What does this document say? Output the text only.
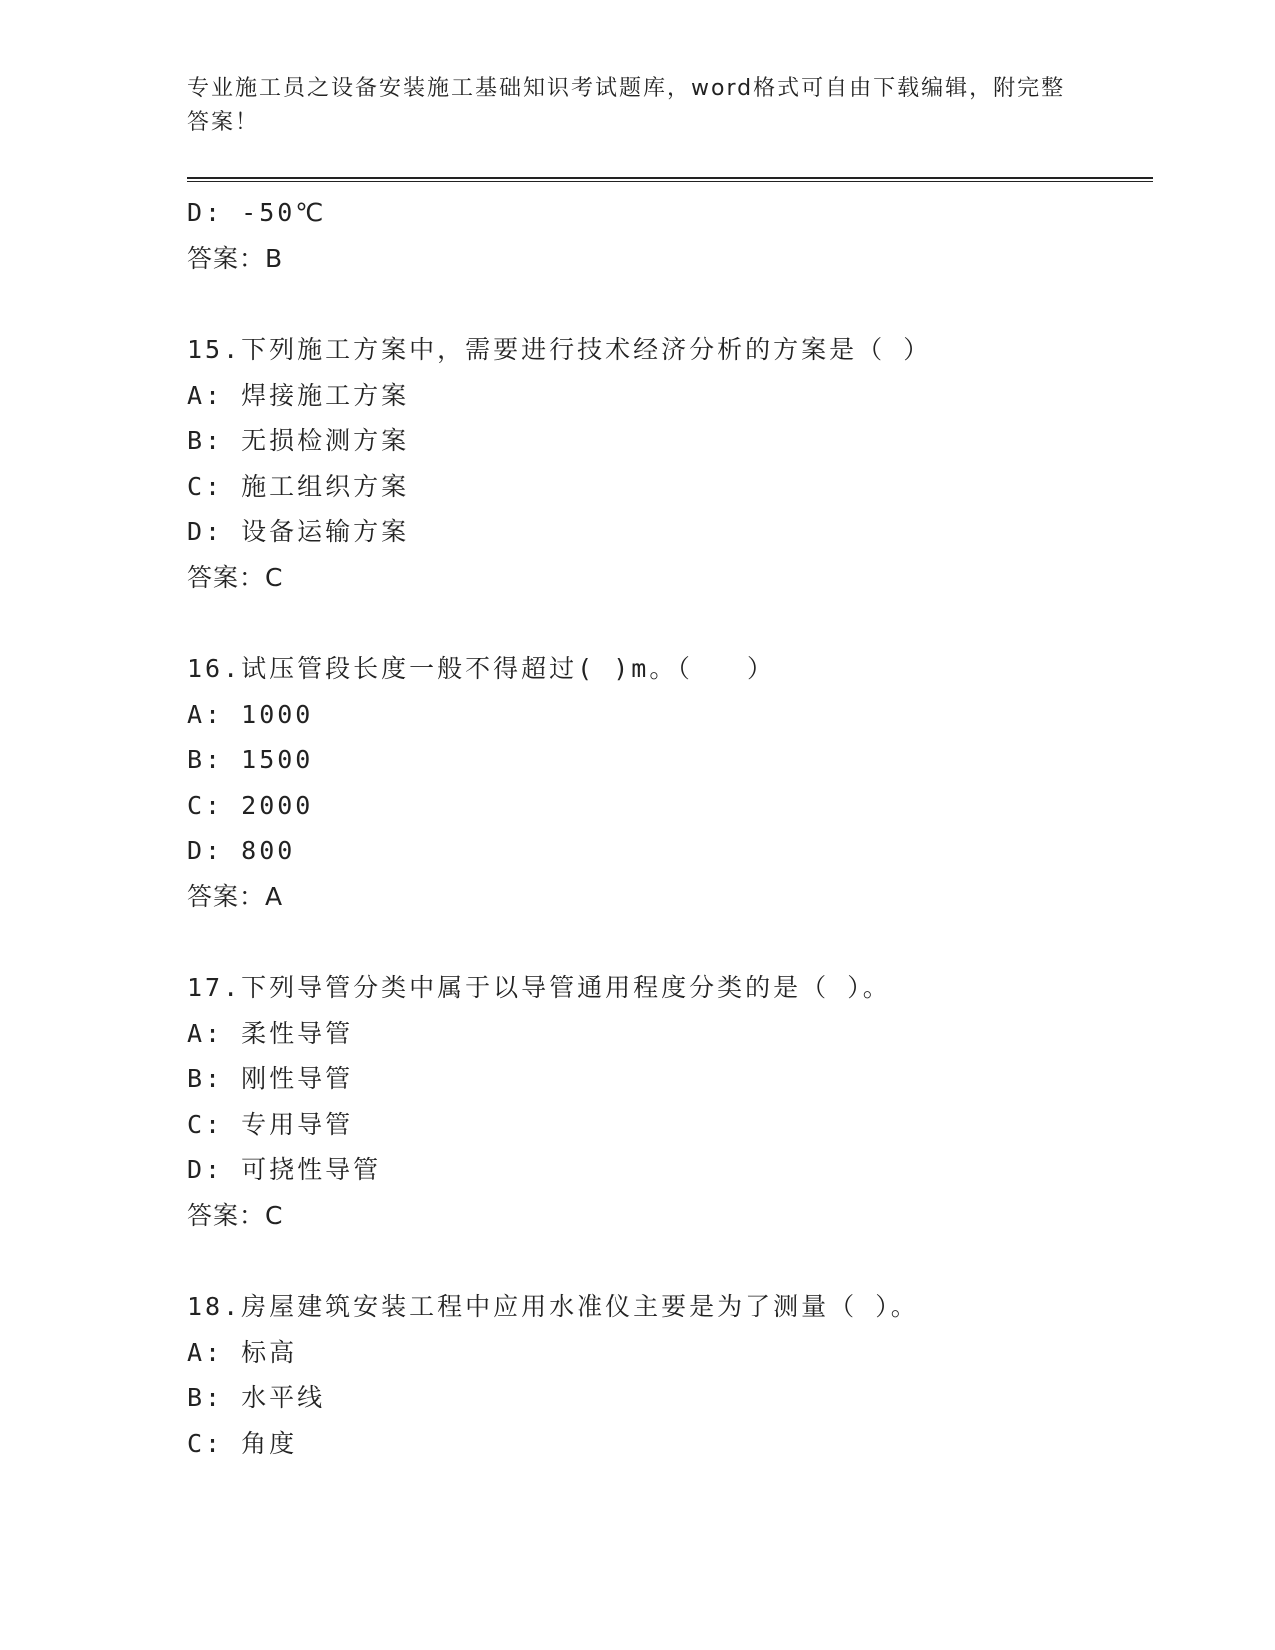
专业施工员之设备安装施工基础知识考试题库，word格式可自由下载编辑，附完整答案！
D: -50℃
答案：B
15.下列施工方案中，需要进行技术经济分析的方案是（ ）
A: 焊接施工方案
B: 无损检测方案
C: 施工组织方案
D: 设备运输方案
答案：C
16.试压管段长度一般不得超过( )m。（   ）
A: 1000
B: 1500
C: 2000
D: 800
答案：A
17.下列导管分类中属于以导管通用程度分类的是（ ）。
A: 柔性导管
B: 刚性导管
C: 专用导管
D: 可挠性导管
答案：C
18.房屋建筑安装工程中应用水准仪主要是为了测量（ ）。
A: 标高
B: 水平线
C: 角度
